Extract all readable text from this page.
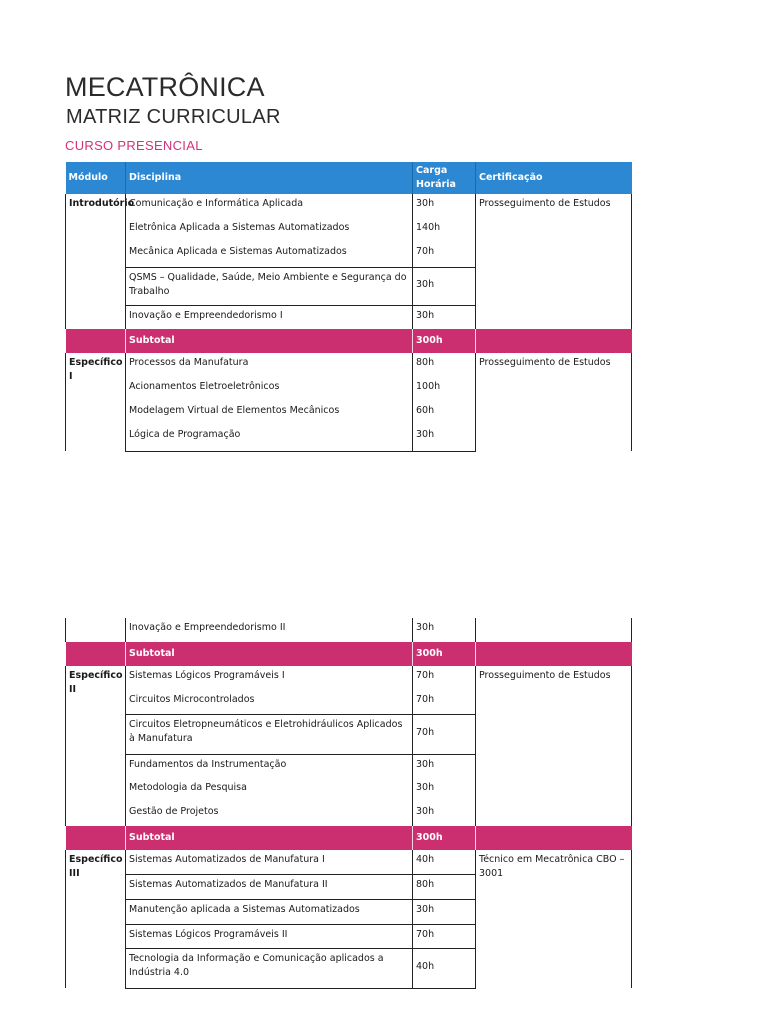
MECATRÔNICA
MATRIZ CURRICULAR
CURSO PRESENCIAL
Módulo	Disciplina	Carga Horária	Certificação
Introdutório	Comunicação e Informática Aplicada	30h	Prosseguimento de Estudos
	Eletrônica Aplicada a Sistemas Automatizados	140h	
	Mecânica Aplicada e Sistemas Automatizados	70h	
	QSMS – Qualidade, Saúde, Meio Ambiente e Segurança do Trabalho	30h	
	Inovação e Empreendedorismo I	30h	
	Subtotal	300h	
Específico I	Processos da Manufatura	80h	Prosseguimento de Estudos
	Acionamentos Eletroeletrônicos	100h	
	Modelagem Virtual de Elementos Mecânicos	60h	
	Lógica de Programação	30h	
	Inovação e Empreendedorismo II	30h	
	Subtotal	300h	
Específico II	Sistemas Lógicos Programáveis I	70h	Prosseguimento de Estudos
	Circuitos Microcontrolados	70h	
	Circuitos Eletropneumáticos e Eletrohidráulicos Aplicados à Manufatura	70h	
	Fundamentos da Instrumentação	30h	
	Metodologia da Pesquisa	30h	
	Gestão de Projetos	30h	
	Subtotal	300h	
Específico III	Sistemas Automatizados de Manufatura I	40h	Técnico em Mecatrônica CBO – 3001
	Sistemas Automatizados de Manufatura II	80h	
	Manutenção aplicada a Sistemas Automatizados	30h	
	Sistemas Lógicos Programáveis II	70h	
	Tecnologia da Informação e Comunicação aplicados a Indústria 4.0	40h	
